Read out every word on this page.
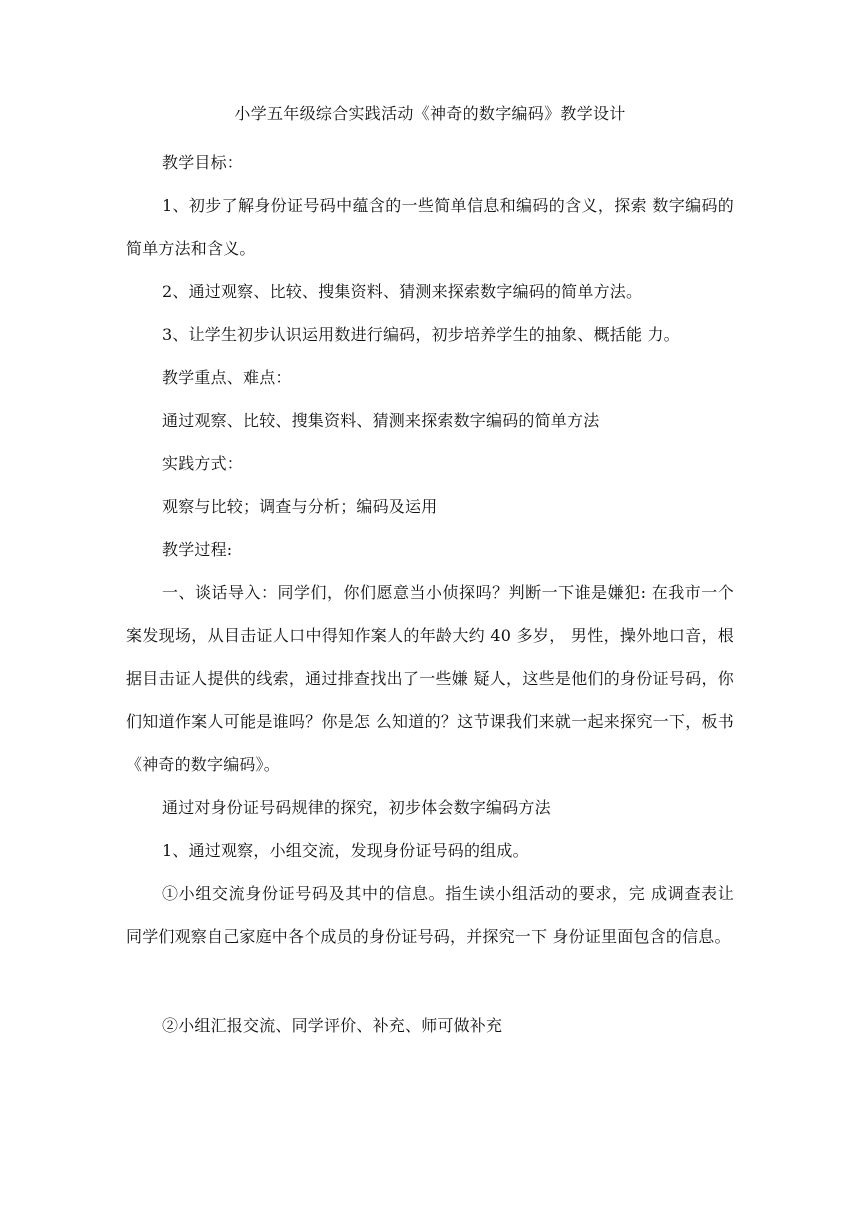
小学五年级综合实践活动《神奇的数字编码》教学设计

教学目标：

1、初步了解身份证号码中蕴含的一些简单信息和编码的含义，探索 数字编码的简单方法和含义。

2、通过观察、比较、搜集资料、猜测来探索数字编码的简单方法。

3、让学生初步认识运用数进行编码，初步培养学生的抽象、概括能 力。

教学重点、难点：

通过观察、比较、搜集资料、猜测来探索数字编码的简单方法

实践方式：

观察与比较；调查与分析；编码及运用

教学过程:

一、谈话导入：同学们，你们愿意当小侦探吗？判断一下谁是嫌犯: 在我市一个案发现场，从目击证人口中得知作案人的年龄大约 40 多岁， 男性，操外地口音，根据目击证人提供的线索，通过排查找出了一些嫌 疑人，这些是他们的身份证号码，你们知道作案人可能是谁吗？你是怎 么知道的？这节课我们来就一起来探究一下，板书《神奇的数字编码》。

通过对身份证号码规律的探究，初步体会数字编码方法

1、通过观察，小组交流，发现身份证号码的组成。

①小组交流身份证号码及其中的信息。指生读小组活动的要求，完 成调查表让同学们观察自己家庭中各个成员的身份证号码，并探究一下 身份证里面包含的信息。

②小组汇报交流、同学评价、补充、师可做补充
